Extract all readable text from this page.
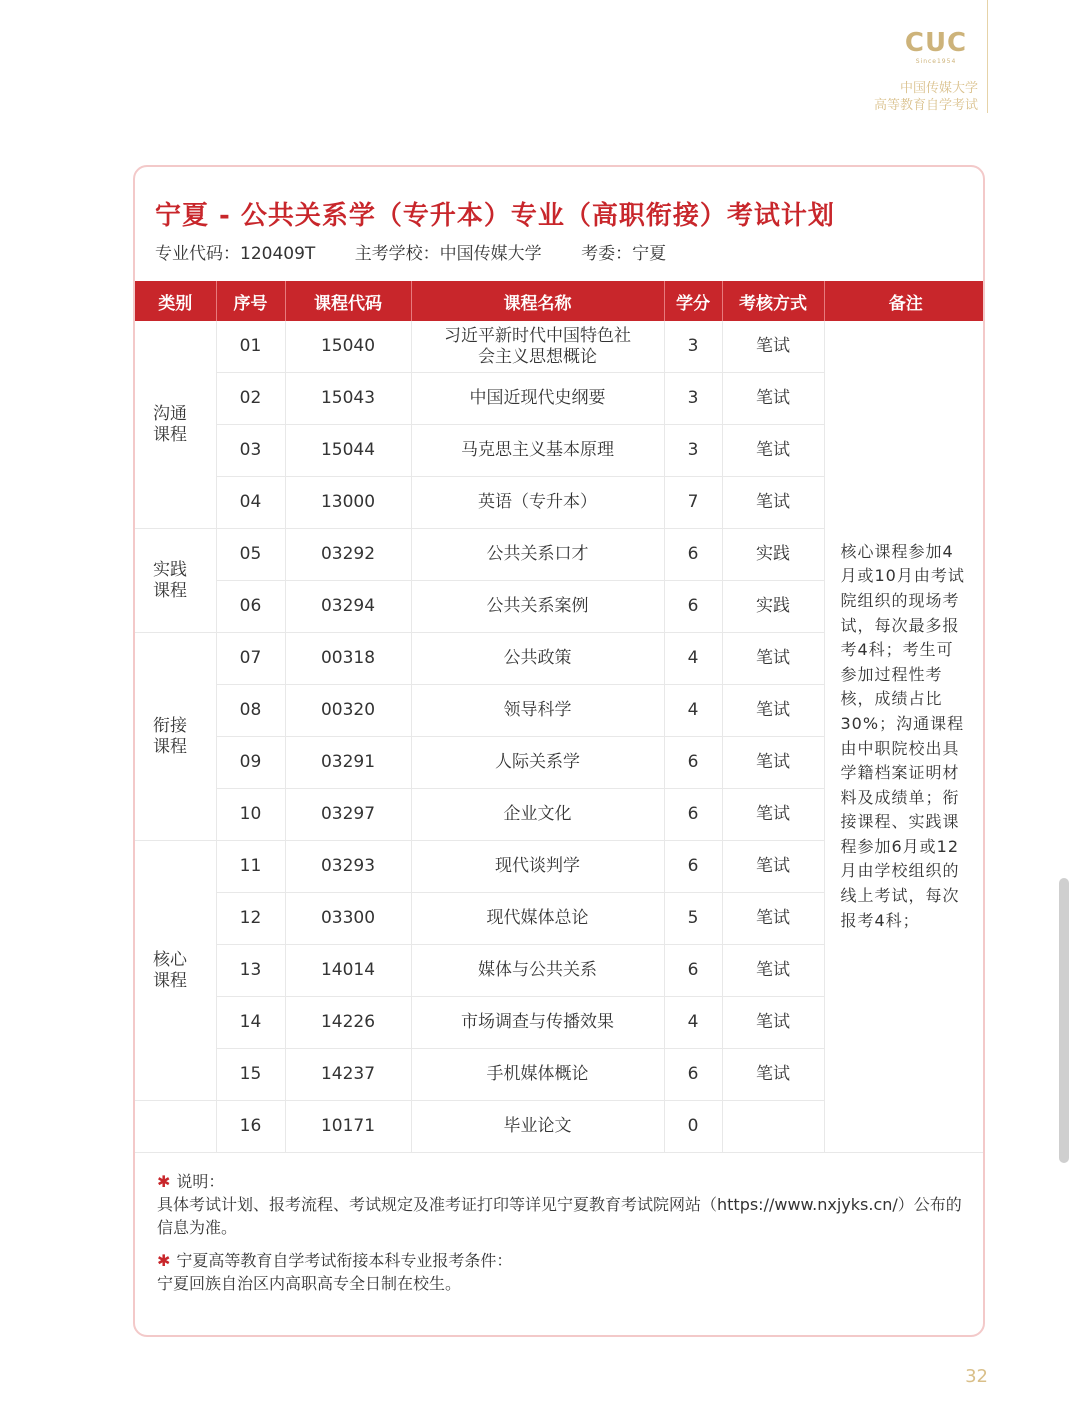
CUC
Since1954
中国传媒大学
高等教育自学考试
宁夏 - 公共关系学（专升本）专业（高职衔接）考试计划
专业代码：120409T 主考学校：中国传媒大学 考委：宁夏
类别	序号	课程代码	课程名称	学分	考核方式	备注

沟通课程	01	15040	习近平新时代中国特色社会主义思想概论	3	笔试	核心课程参加4月或10月由考试院组织的现场考试，每次最多报考4科；考生可参加过程性考核，成绩占比30%；沟通课程由中职院校出具学籍档案证明材料及成绩单；衔接课程、实践课程参加6月或12月由学校组织的线上考试，每次报考4科；
	02	15043	中国近现代史纲要	3	笔试	
	03	15044	马克思主义基本原理	3	笔试	
	04	13000	英语（专升本）	7	笔试	

实践课程	05	03292	公共关系口才	6	实践	
	06	03294	公共关系案例	6	实践	

衔接课程	07	00318	公共政策	4	笔试	
	08	00320	领导科学	4	笔试	
	09	03291	人际关系学	6	笔试	
	10	03297	企业文化	6	笔试	

核心课程	11	03293	现代谈判学	6	笔试	
	12	03300	现代媒体总论	5	笔试	
	13	14014	媒体与公共关系	6	笔试	
	14	14226	市场调查与传播效果	4	笔试	
	15	14237	手机媒体概论	6	笔试	
	16	10171	毕业论文	0		
✱ 说明：
具体考试计划、报考流程、考试规定及准考证打印等详见宁夏教育考试院网站（https://www.nxjyks.cn/）公布的信息为准。
✱ 宁夏高等教育自学考试衔接本科专业报考条件：
宁夏回族自治区内高职高专全日制在校生。
32
